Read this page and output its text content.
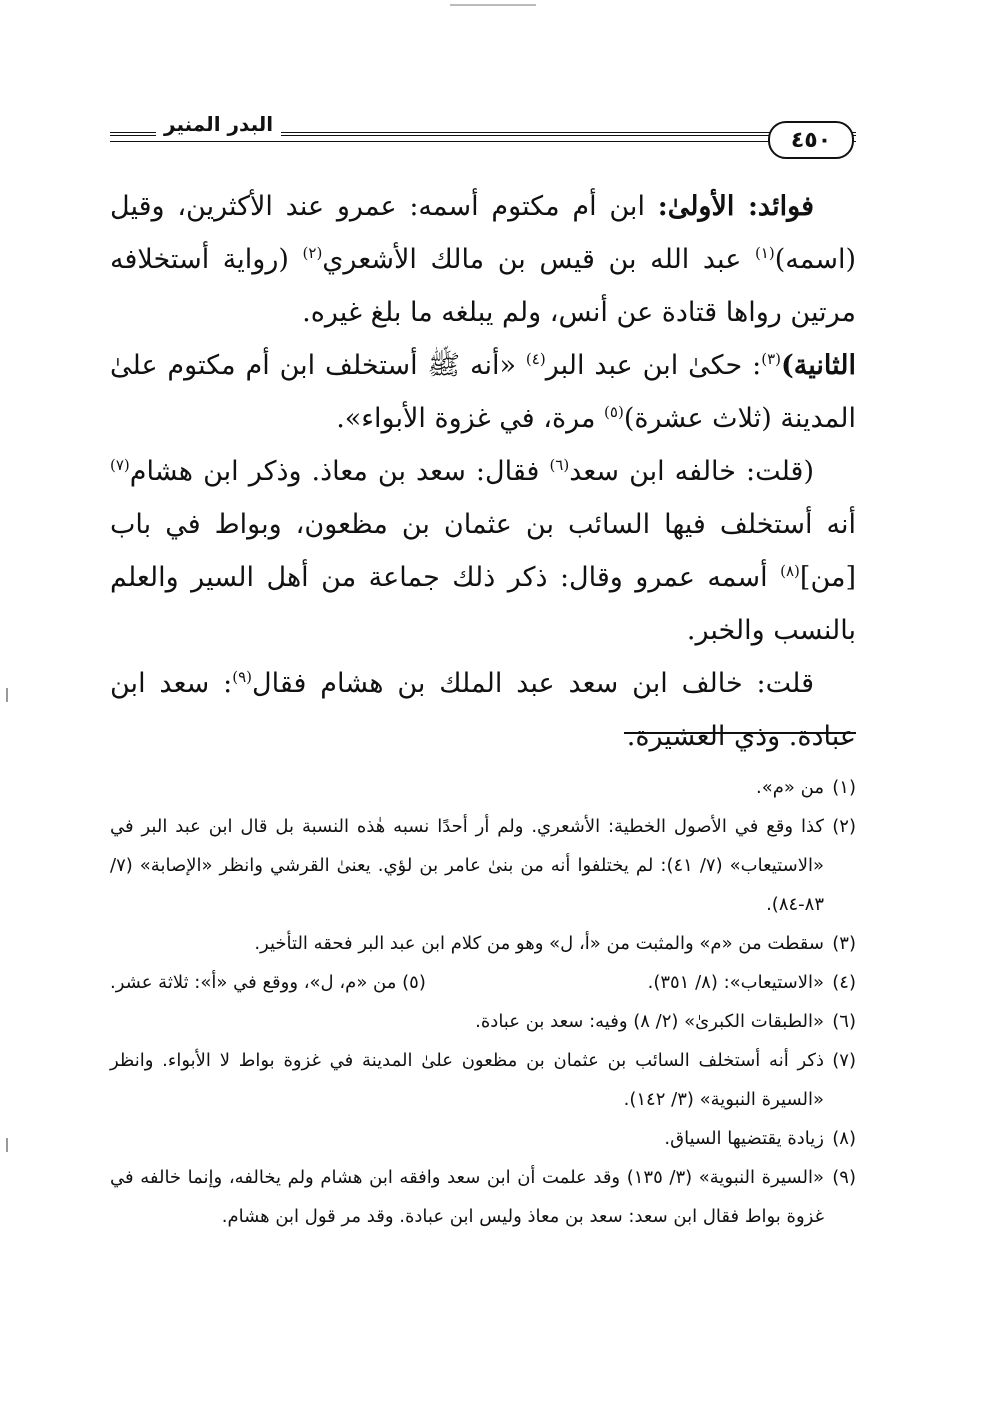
البدر المنير
٤٥٠

فوائد: الأولىٰ: ابن أم مكتوم أسمه: عمرو عند الأكثرين، وقيل (اسمه)$^{(١)}$ عبد الله بن قيس بن مالك الأشعري$^{(٢)}$ (رواية أستخلافه مرتين رواها قتادة عن أنس، ولم يبلغه ما بلغ غيره.

الثانية)$^{(٣)}$: حكىٰ ابن عبد البر$^{(٤)}$ «أنه ﷺ أستخلف ابن أم مكتوم علىٰ المدينة (ثلاث عشرة)$^{(٥)}$ مرة، في غزوة الأبواء».

(قلت: خالفه ابن سعد$^{(٦)}$ فقال: سعد بن معاذ. وذكر ابن هشام$^{(٧)}$ أنه أستخلف فيها السائب بن عثمان بن مظعون، وبواط في باب [من]$^{(٨)}$ أسمه عمرو وقال: ذكر ذلك جماعة من أهل السير والعلم بالنسب والخبر.

قلت: خالف ابن سعد عبد الملك بن هشام فقال$^{(٩)}$: سعد ابن عبادة. وذي العشيرة.

(١)
من «م».
(٢)
كذا وقع في الأصول الخطية: الأشعري. ولم أر أحدًا نسبه هٰذه النسبة بل قال ابن عبد البر في «الاستيعاب» (٧/ ٤١): لم يختلفوا أنه من بنىٰ عامر بن لؤي. يعنىٰ القرشي وانظر «الإصابة» (٧/ ٨٣-٨٤).
(٣)
سقطت من «م» والمثبت من «أ، ل» وهو من كلام ابن عبد البر فحقه التأخير.
(٤)
«الاستيعاب»: (٨/ ٣٥١).
(٥) من «م، ل»، ووقع في «أ»: ثلاثة عشر.
(٦)
«الطبقات الكبرىٰ» (٢/ ٨) وفيه: سعد بن عبادة.
(٧)
ذكر أنه أستخلف السائب بن عثمان بن مظعون علىٰ المدينة في غزوة بواط لا الأبواء. وانظر «السيرة النبوية» (٣/ ١٤٢).
(٨)
زيادة يقتضيها السياق.
(٩)
«السيرة النبوية» (٣/ ١٣٥) وقد علمت أن ابن سعد وافقه ابن هشام ولم يخالفه، وإنما خالفه في غزوة بواط فقال ابن سعد: سعد بن معاذ وليس ابن عبادة. وقد مر قول ابن هشام.
